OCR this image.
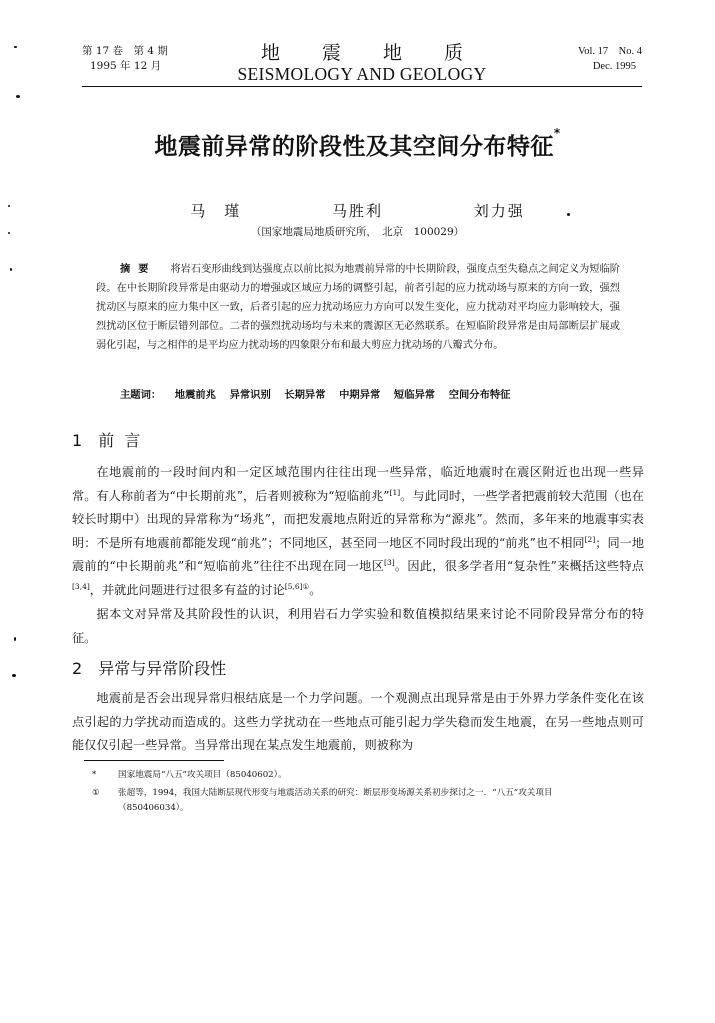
第 17 卷　第 4 期
1995 年 12 月
地 震 地 质
SEISMOLOGY AND GEOLOGY
Vol. 17　No. 4
Dec. 1995
地震前异常的阶段性及其空间分布特征*
马　瑾	马胜利	刘力强
（国家地震局地质研究所，　北京　100029）
摘要 将岩石变形曲线到达强度点以前比拟为地震前异常的中长期阶段，强度点至失稳点之间定义为短临阶段。在中长期阶段异常是由驱动力的增强或区域应力场的调整引起，前者引起的应力扰动场与原来的方向一致，强烈扰动区与原来的应力集中区一致，后者引起的应力扰动场应力方向可以发生变化，应力扰动对平均应力影响较大，强烈扰动区位于断层错列部位。二者的强烈扰动场均与未来的震源区无必然联系。在短临阶段异常是由局部断层扩展或弱化引起，与之相伴的是平均应力扰动场的四象限分布和最大剪应力扰动场的八瓣式分布。
主题词： 地震前兆 异常识别 长期异常 中期异常 短临异常 空间分布特征
1 前言
在地震前的一段时间内和一定区域范围内往往出现一些异常，临近地震时在震区附近也出现一些异常。有人称前者为“中长期前兆”，后者则被称为“短临前兆”[1]。与此同时，一些学者把震前较大范围（也在较长时期中）出现的异常称为“场兆”，而把发震地点附近的异常称为“源兆”。然而，多年来的地震事实表明：不是所有地震前都能发现“前兆”；不同地区，甚至同一地区不同时段出现的“前兆”也不相同[2]；同一地震前的“中长期前兆”和“短临前兆”往往不出现在同一地区[3]。因此，很多学者用“复杂性”来概括这些特点[3,4]，并就此问题进行过很多有益的讨论$^{[5,6]①}$。
据本文对异常及其阶段性的认识，利用岩石力学实验和数值模拟结果来讨论不同阶段异常分布的特征。
2 异常与异常阶段性
地震前是否会出现异常归根结底是一个力学问题。一个观测点出现异常是由于外界力学条件变化在该点引起的力学扰动而造成的。这些力学扰动在一些地点可能引起力学失稳而发生地震，在另一些地点则可能仅仅引起一些异常。当异常出现在某点发生地震前，则被称为
*	国家地震局“八五”攻关项目（85040602）。
① 张超等，1994，我国大陆断层现代形变与地震活动关系的研究：断层形变场源关系初步探讨之一．“八五”攻关项目
（850406034）。
